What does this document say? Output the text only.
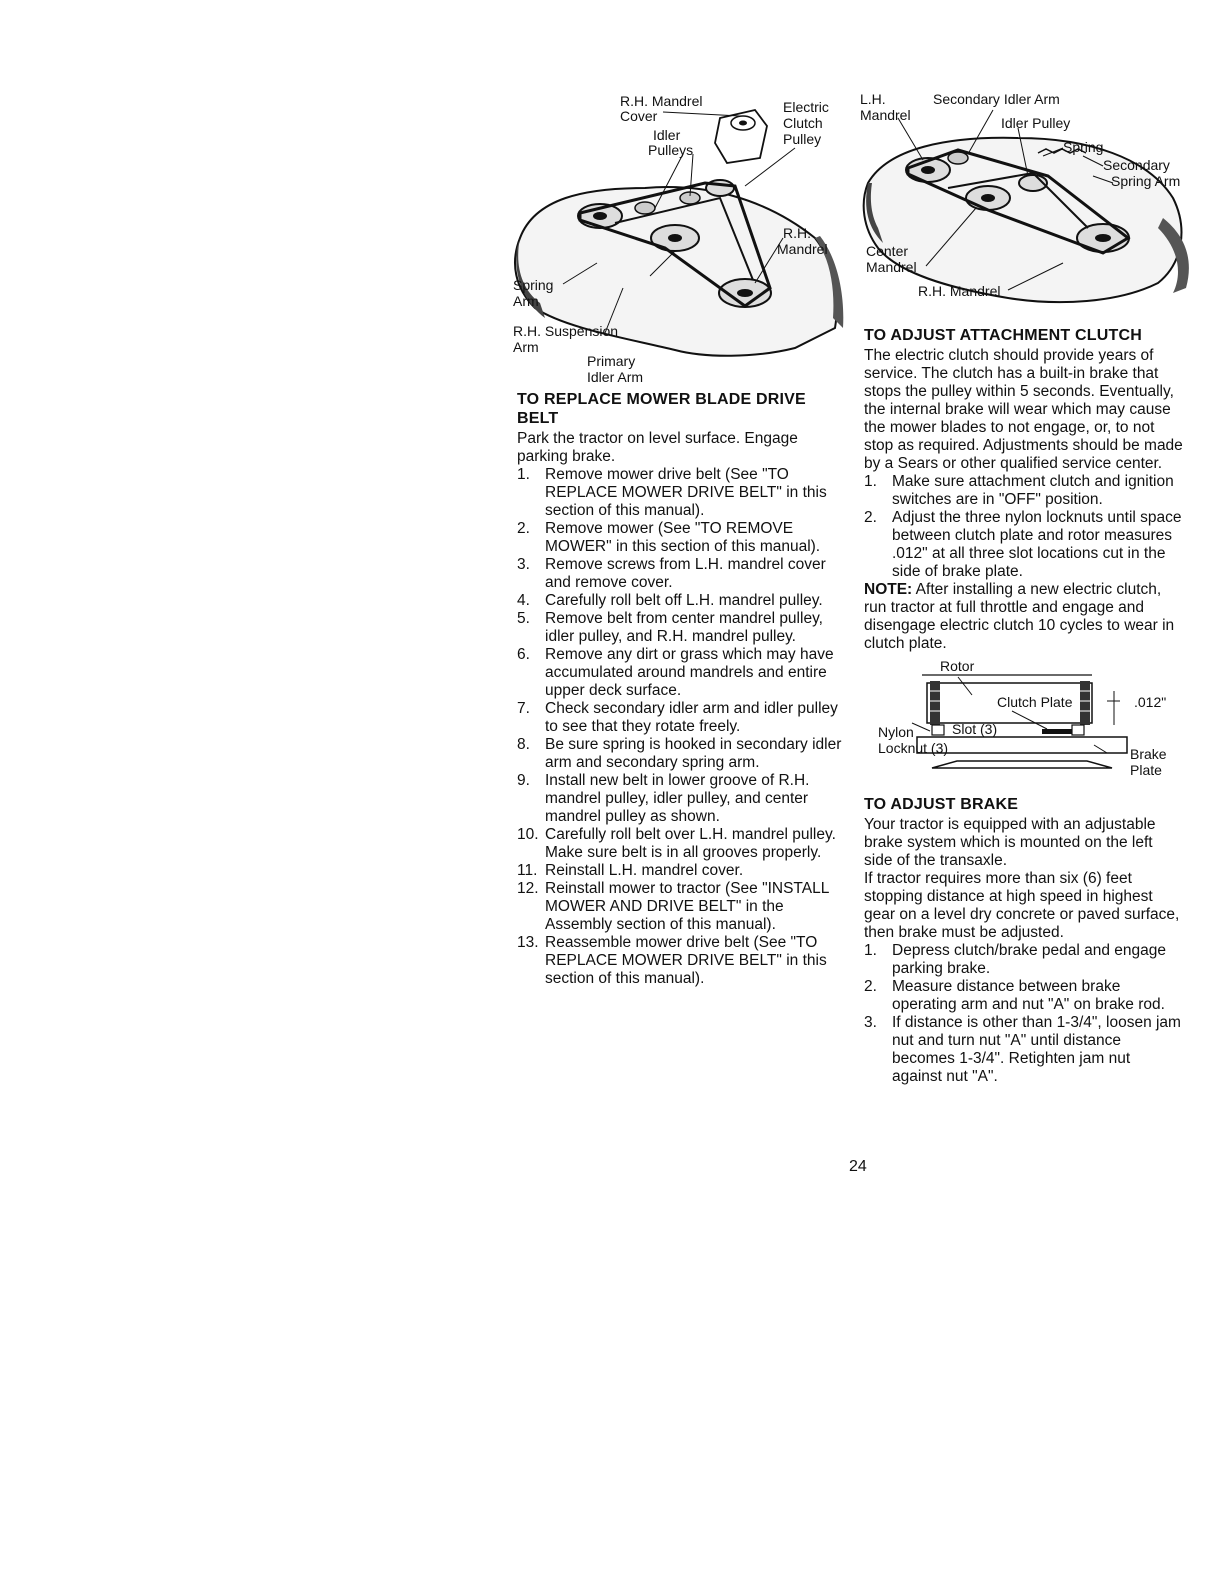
R.H. Mandrel
Cover
Idler
Pulleys
Electric
Clutch
Pulley
R.H.
Mandrel
Spring
Arm
R.H. Suspension
Arm
Primary
Idler Arm
L.H.
Mandrel
Secondary Idler Arm
Idler Pulley
Spring
Secondary
Spring Arm
Center
Mandrel
R.H. Mandrel
TO REPLACE MOWER BLADE DRIVE BELT

Park the tractor on level surface. Engage parking brake.

1. Remove mower drive belt (See "TO REPLACE MOWER DRIVE BELT" in this section of this manual).
2. Remove mower (See "TO REMOVE MOWER" in this section of this manual).
3. Remove screws from L.H. mandrel cover and remove cover.
4. Carefully roll belt off L.H. mandrel pulley.
5. Remove belt from center mandrel pulley, idler pulley, and R.H. mandrel pulley.
6. Remove any dirt or grass which may have accumulated around mandrels and entire upper deck surface.
7. Check secondary idler arm and idler pulley to see that they rotate freely.
8. Be sure spring is hooked in secondary idler arm and secondary spring arm.
9. Install new belt in lower groove of R.H. mandrel pulley, idler pulley, and center mandrel pulley as shown.
10. Carefully roll belt over L.H. mandrel pulley. Make sure belt is in all grooves properly.
11. Reinstall L.H. mandrel cover.
12. Reinstall mower to tractor (See "INSTALL MOWER AND DRIVE BELT" in the Assembly section of this manual).
13. Reassemble mower drive belt (See "TO REPLACE MOWER DRIVE BELT" in this section of this manual).
TO ADJUST ATTACHMENT CLUTCH

The electric clutch should provide years of service. The clutch has a built-in brake that stops the pulley within 5 seconds. Eventually, the internal brake will wear which may cause the mower blades to not engage, or, to not stop as required. Adjustments should be made by a Sears or other qualified service center.

1. Make sure attachment clutch and ignition switches are in "OFF" position.
2. Adjust the three nylon locknuts until space between clutch plate and rotor measures .012" at all three slot locations cut in the side of brake plate.

NOTE: After installing a new electric clutch, run tractor at full throttle and engage and disengage electric clutch 10 cycles to wear in clutch plate.

Rotor
Clutch Plate	.012"
Nylon	Slot (3)
Locknut (3)	Brake
Plate
TO ADJUST BRAKE

Your tractor is equipped with an adjustable brake system which is mounted on the left side of the transaxle.

If tractor requires more than six (6) feet stopping distance at high speed in highest gear on a level dry concrete or paved surface, then brake must be adjusted.

1. Depress clutch/brake pedal and engage parking brake.
2. Measure distance between brake operating arm and nut "A" on brake rod.
3. If distance is other than 1-3/4", loosen jam nut and turn nut "A" until distance becomes 1-3/4". Retighten jam nut against nut "A".
24
